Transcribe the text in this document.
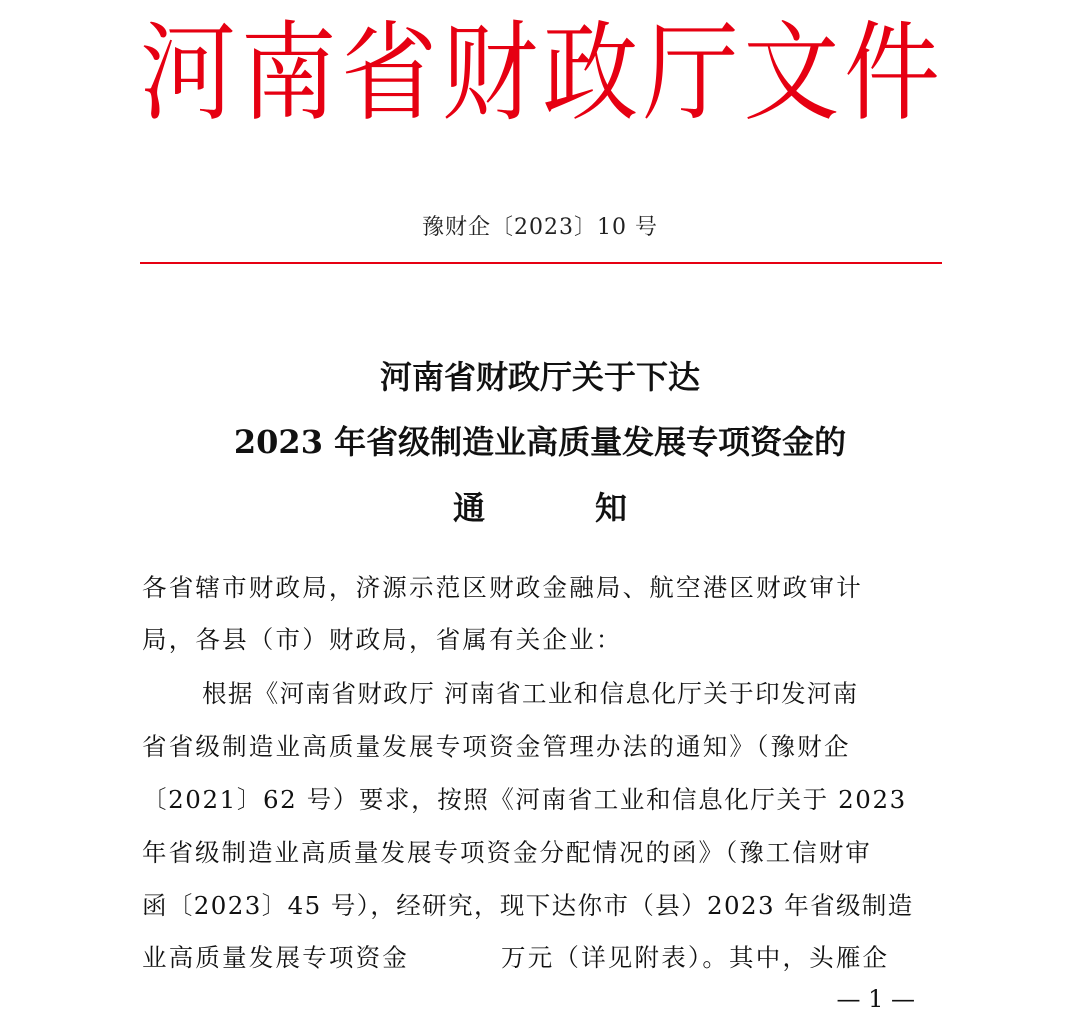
河 南 省 财 政 厅 文 件
豫财企〔2023〕10 号
河南省财政厅关于下达
2023 年省级制造业高质量发展专项资金的
通	知
各省辖市财政局，济源示范区财政金融局、航空港区财政审计
局，各县（市）财政局，省属有关企业：
根据《河南省财政厅 河南省工业和信息化厅关于印发河南
省省级制造业高质量发展专项资金管理办法的通知》（豫财企
〔2021〕62 号）要求，按照《河南省工业和信息化厅关于 2023
年省级制造业高质量发展专项资金分配情况的函》（豫工信财审
函〔2023〕45 号），经研究，现下达你市（县）2023 年省级制造
业高质量发展专项资金	万元（详见附表）。其中，头雁企
— 1 —
